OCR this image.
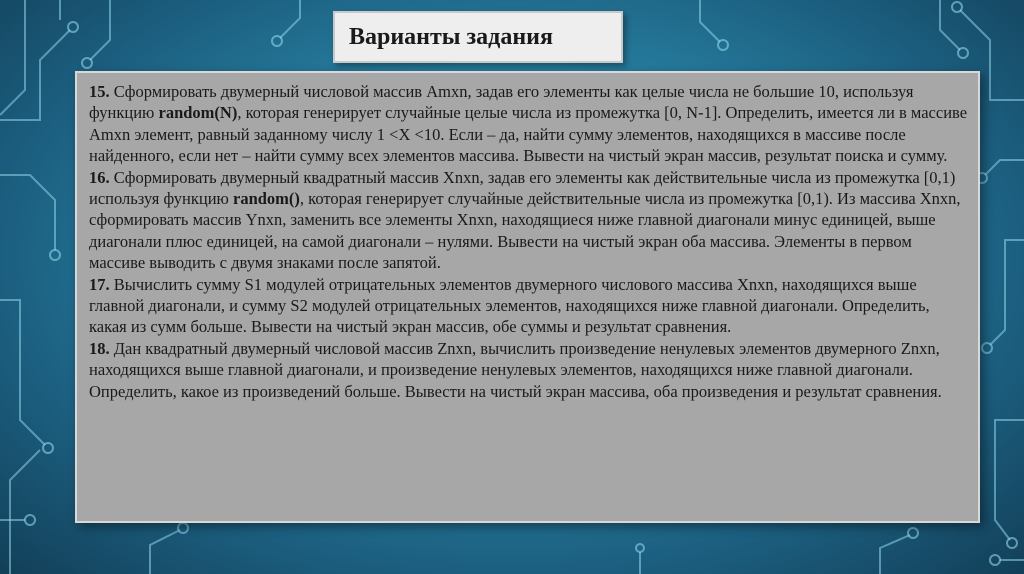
Варианты задания

15. Сформировать двумерный числовой массив Amxn, задав его элементы как целые числа не большие 10, используя функцию random(N), которая генерирует случайные целые числа из промежутка [0, N-1]. Определить, имеется ли в массиве Amxn элемент, равный заданному числу 1 <X <10. Если – да, найти сумму элементов, находящихся в массиве после найденного, если нет – найти сумму всех элементов массива. Вывести на чистый экран массив, результат поиска и сумму.

16. Сформировать двумерный квадратный массив Xnxn, задав его элементы как действительные числа из промежутка [0,1) используя функцию random(), которая генерирует случайные действительные числа из промежутка [0,1). Из массива Xnxn, сформировать массив Ynxn, заменить все элементы Xnxn, находящиеся ниже главной диагонали минус единицей, выше диагонали плюс единицей, на самой диагонали – нулями. Вывести на чистый экран оба массива. Элементы в первом массиве выводить с двумя знаками после запятой.

17. Вычислить сумму S1 модулей отрицательных элементов двумерного числового массива Xnxn, находящихся выше главной диагонали, и сумму S2 модулей отрицательных элементов, находящихся ниже главной диагонали. Определить, какая из сумм больше. Вывести на чистый экран массив, обе суммы и результат сравнения.

18. Дан квадратный двумерный числовой массив Znxn, вычислить произведение ненулевых элементов двумерного Znxn, находящихся выше главной диагонали, и произведение ненулевых элементов, находящихся ниже главной диагонали. Определить, какое из произведений больше. Вывести на чистый экран массива, оба произведения и результат сравнения.
